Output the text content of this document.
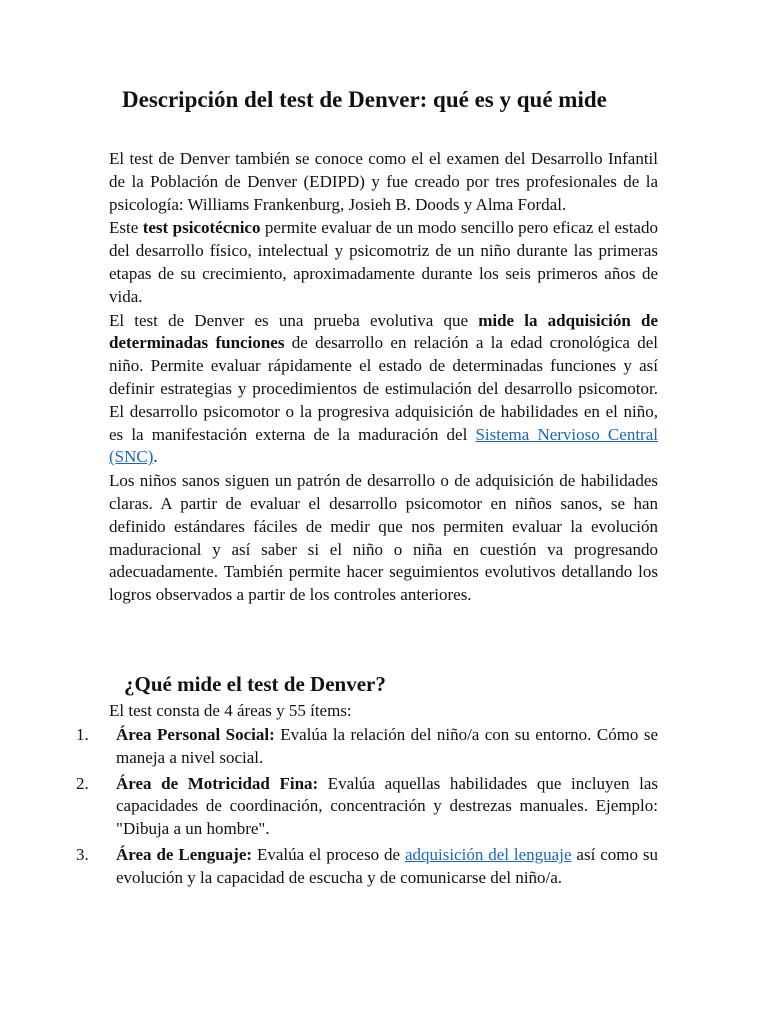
Descripción del test de Denver: qué es y qué mide

El test de Denver también se conoce como el el examen del Desarrollo Infantil de la Población de Denver (EDIPD) y fue creado por tres profesionales de la psicología: Williams Frankenburg, Josieh B. Doods y Alma Fordal.

Este test psicotécnico permite evaluar de un modo sencillo pero eficaz el estado del desarrollo físico, intelectual y psicomotriz de un niño durante las primeras etapas de su crecimiento, aproximadamente durante los seis primeros años de vida.

El test de Denver es una prueba evolutiva que mide la adquisición de determinadas funciones de desarrollo en relación a la edad cronológica del niño. Permite evaluar rápidamente el estado de determinadas funciones y así definir estrategias y procedimientos de estimulación del desarrollo psicomotor. El desarrollo psicomotor o la progresiva adquisición de habilidades en el niño, es la manifestación externa de la maduración del Sistema Nervioso Central (SNC).

Los niños sanos siguen un patrón de desarrollo o de adquisición de habilidades claras. A partir de evaluar el desarrollo psicomotor en niños sanos, se han definido estándares fáciles de medir que nos permiten evaluar la evolución maduracional y así saber si el niño o niña en cuestión va progresando adecuadamente. También permite hacer seguimientos evolutivos detallando los logros observados a partir de los controles anteriores.

¿Qué mide el test de Denver?

El test consta de 4 áreas y 55 ítems:

1. Área Personal Social: Evalúa la relación del niño/a con su entorno. Cómo se maneja a nivel social.
2. Área de Motricidad Fina: Evalúa aquellas habilidades que incluyen las capacidades de coordinación, concentración y destrezas manuales. Ejemplo: "Dibuja a un hombre".
3. Área de Lenguaje: Evalúa el proceso de adquisición del lenguaje así como su evolución y la capacidad de escucha y de comunicarse del niño/a.
